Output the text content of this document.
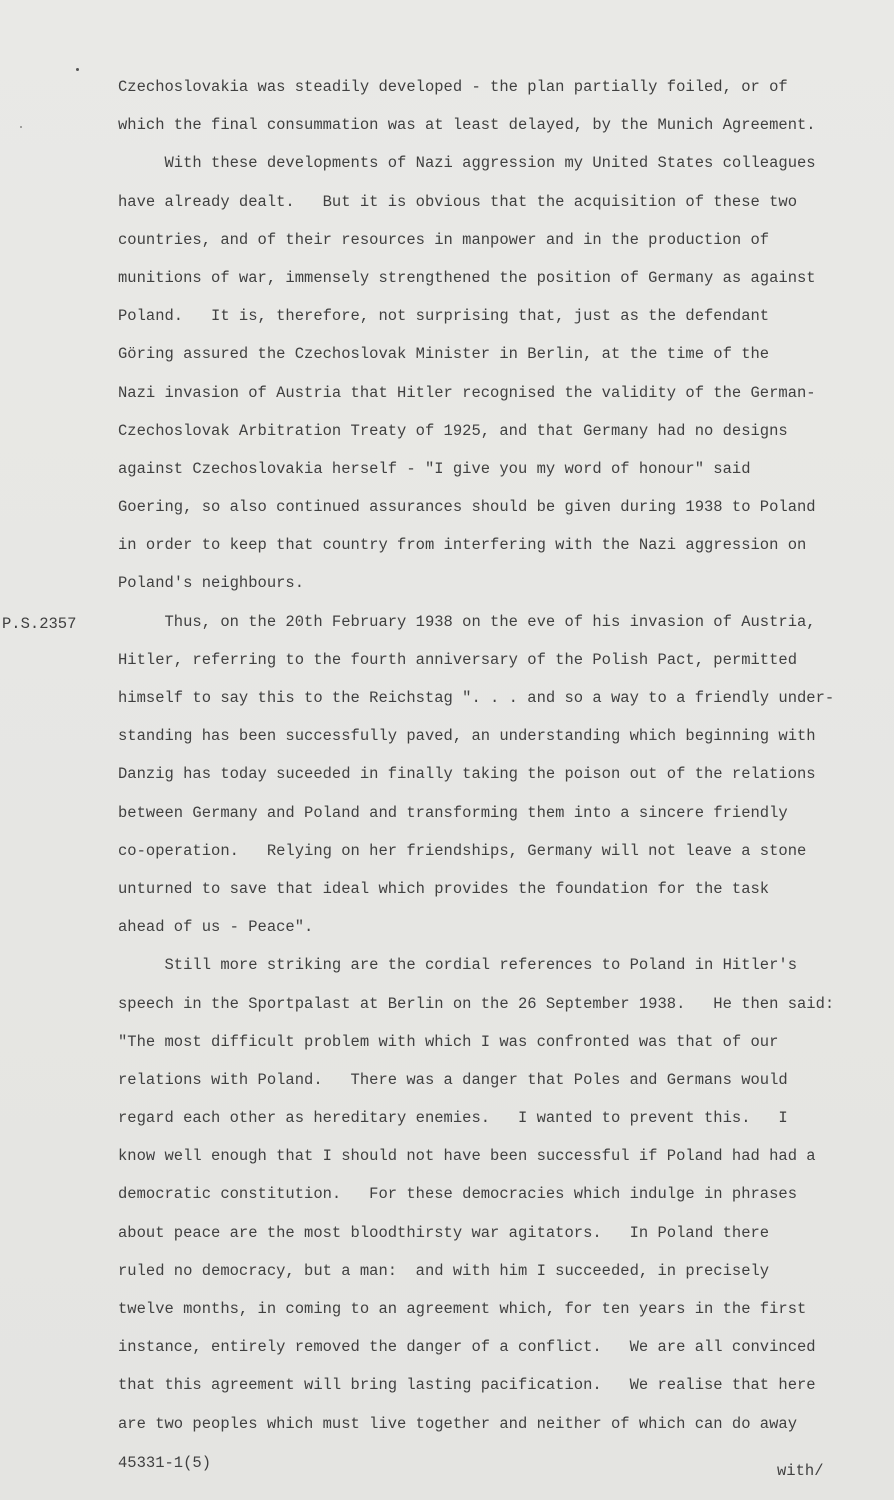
P.S.2357
Czechoslovakia was steadily developed - the plan partially foiled, or of
which the final consummation was at least delayed, by the Munich Agreement.
With these developments of Nazi aggression my United States colleagues
have already dealt.   But it is obvious that the acquisition of these two
countries, and of their resources in manpower and in the production of
munitions of war, immensely strengthened the position of Germany as against
Poland.   It is, therefore, not surprising that, just as the defendant
Göring assured the Czechoslovak Minister in Berlin, at the time of the
Nazi invasion of Austria that Hitler recognised the validity of the German-
Czechoslovak Arbitration Treaty of 1925, and that Germany had no designs
against Czechoslovakia herself - "I give you my word of honour" said
Goering, so also continued assurances should be given during 1938 to Poland
in order to keep that country from interfering with the Nazi aggression on
Poland's neighbours.
Thus, on the 20th February 1938 on the eve of his invasion of Austria,
Hitler, referring to the fourth anniversary of the Polish Pact, permitted
himself to say this to the Reichstag ". . . and so a way to a friendly under-
standing has been successfully paved, an understanding which beginning with
Danzig has today suceeded in finally taking the poison out of the relations
between Germany and Poland and transforming them into a sincere friendly
co-operation.   Relying on her friendships, Germany will not leave a stone
unturned to save that ideal which provides the foundation for the task
ahead of us - Peace".
Still more striking are the cordial references to Poland in Hitler's
speech in the Sportpalast at Berlin on the 26 September 1938.   He then said:
"The most difficult problem with which I was confronted was that of our
relations with Poland.   There was a danger that Poles and Germans would
regard each other as hereditary enemies.   I wanted to prevent this.   I
know well enough that I should not have been successful if Poland had had a
democratic constitution.   For these democracies which indulge in phrases
about peace are the most bloodthirsty war agitators.   In Poland there
ruled no democracy, but a man:  and with him I succeeded, in precisely
twelve months, in coming to an agreement which, for ten years in the first
instance, entirely removed the danger of a conflict.   We are all convinced
that this agreement will bring lasting pacification.   We realise that here
are two peoples which must live together and neither of which can do away
45331-1(5)	with/
